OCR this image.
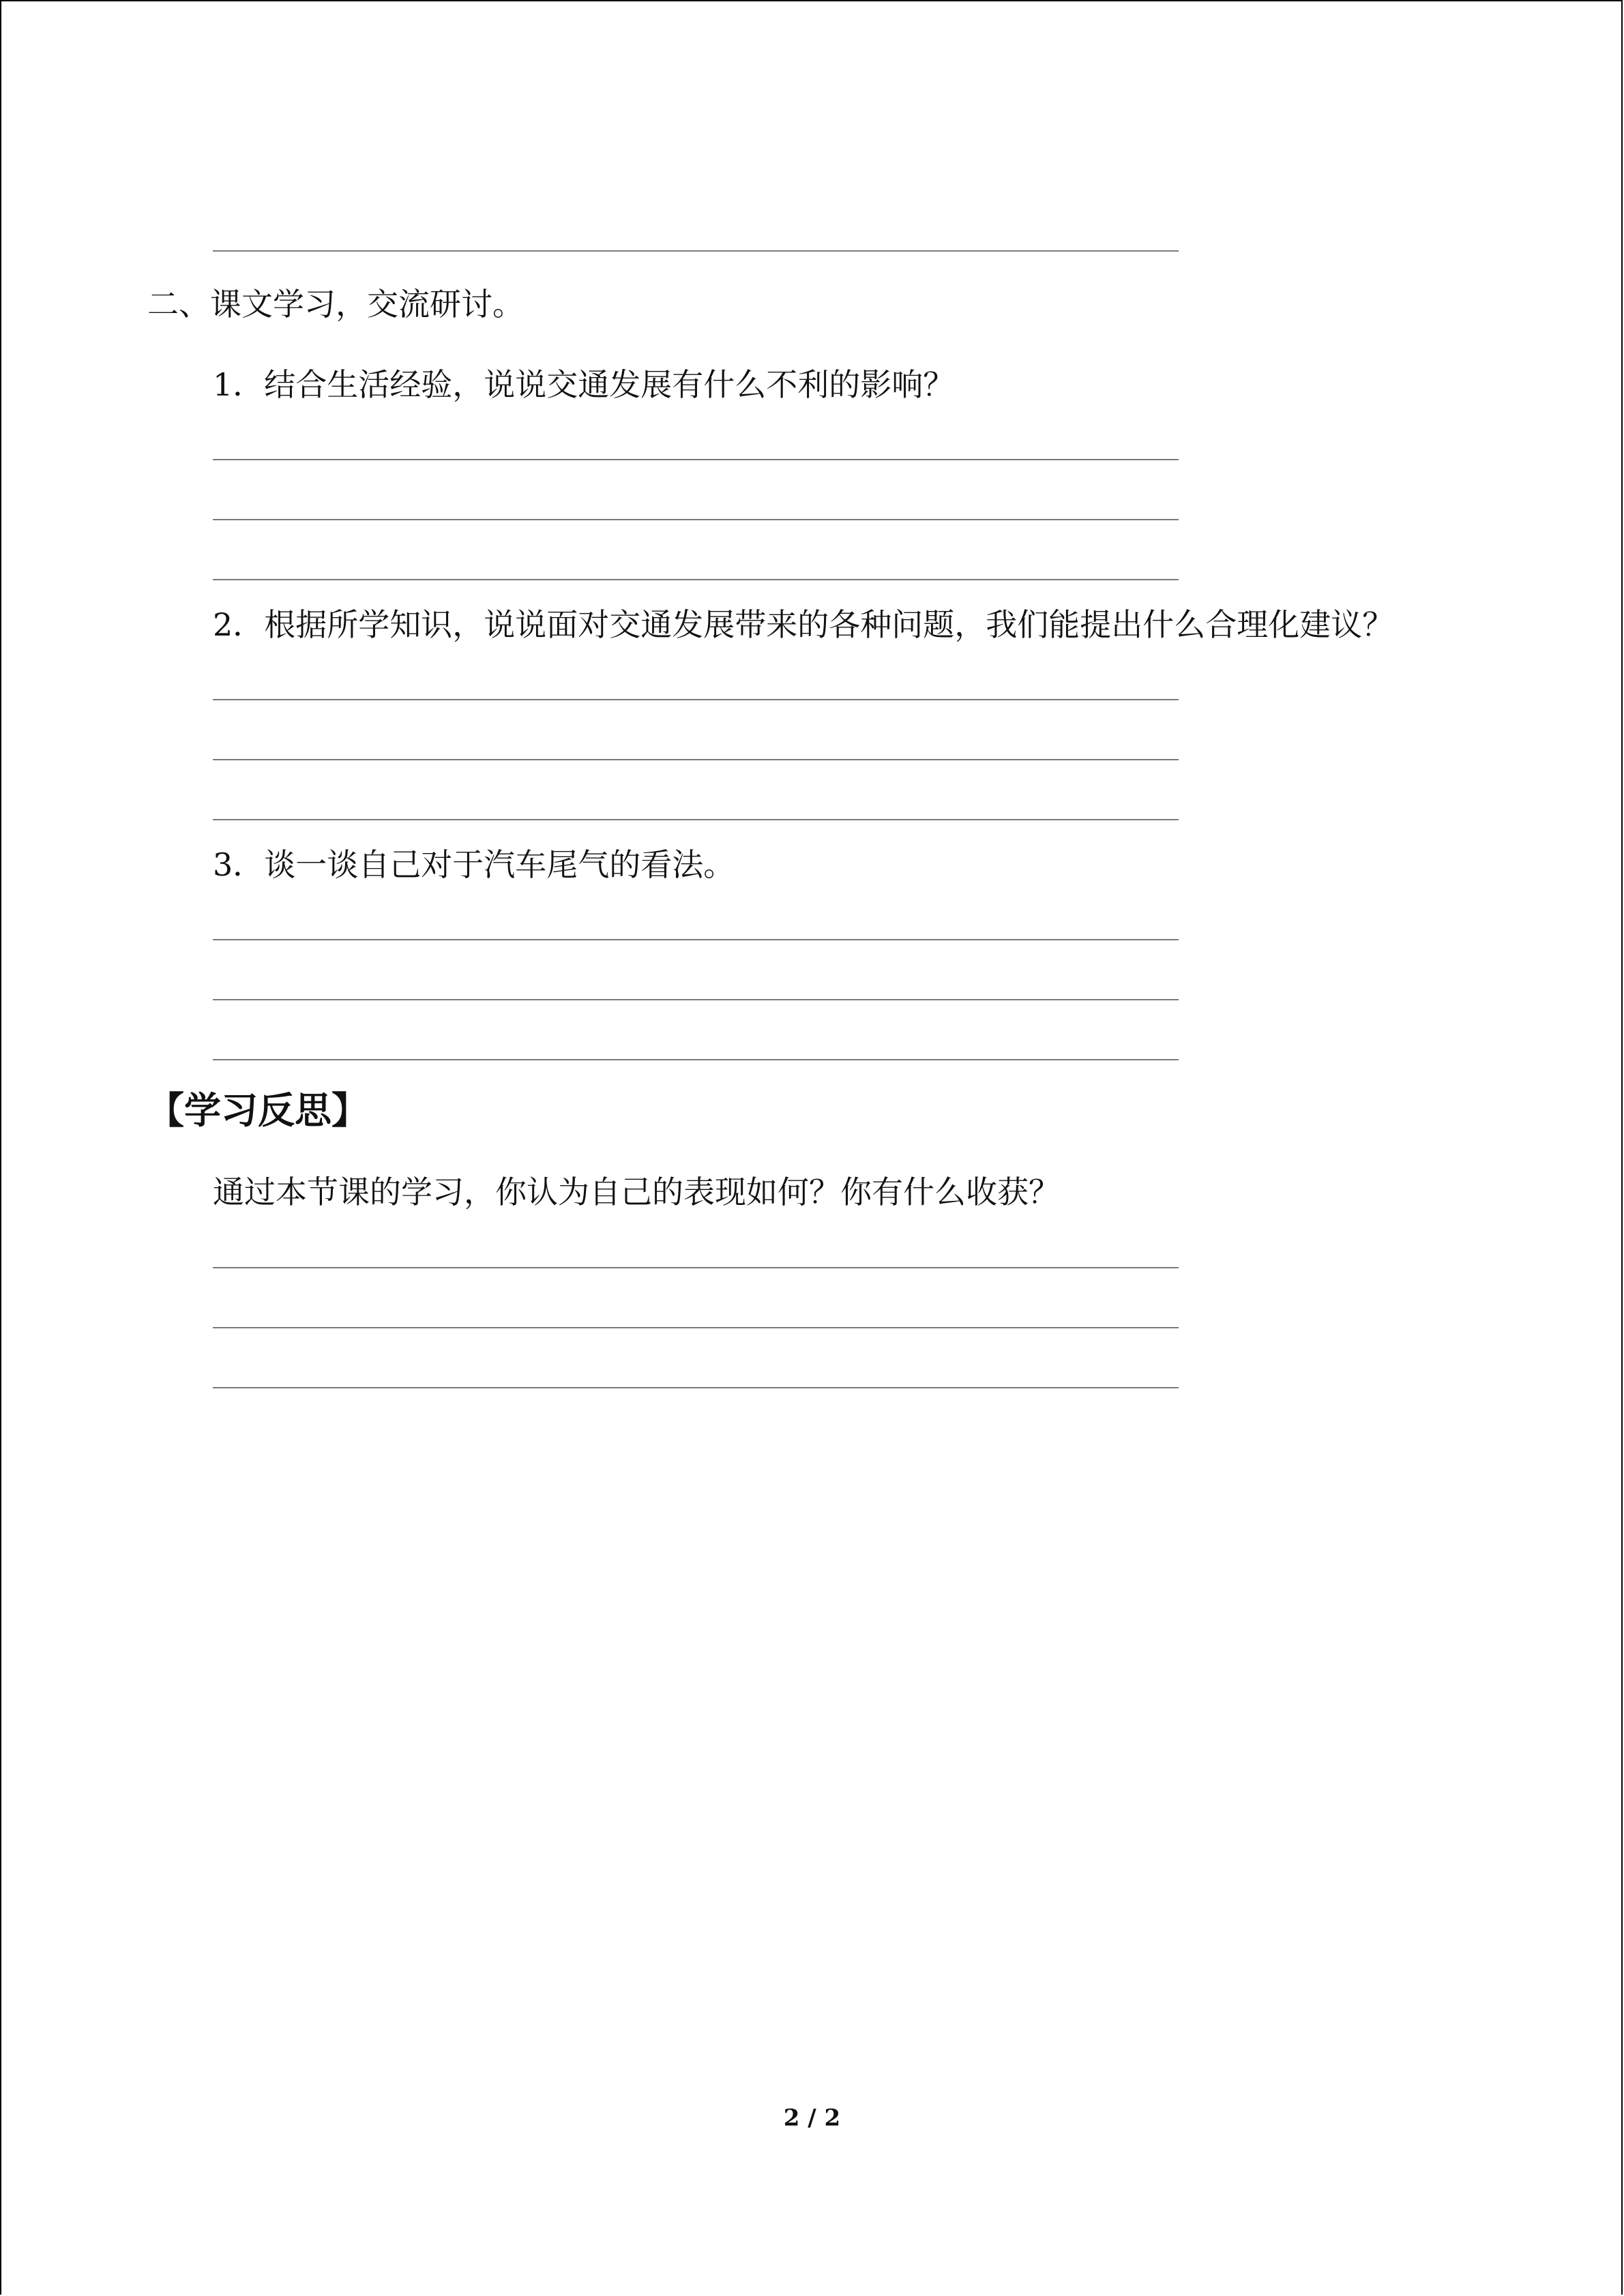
二、课文学习，交流研讨。
1．结合生活经验，说说交通发展有什么不利的影响？
2．根据所学知识，说说面对交通发展带来的各种问题，我们能提出什么合理化建议？
3．谈一谈自己对于汽车尾气的看法。
【学习反思】
通过本节课的学习，你认为自己的表现如何？你有什么收获？
2 / 2
